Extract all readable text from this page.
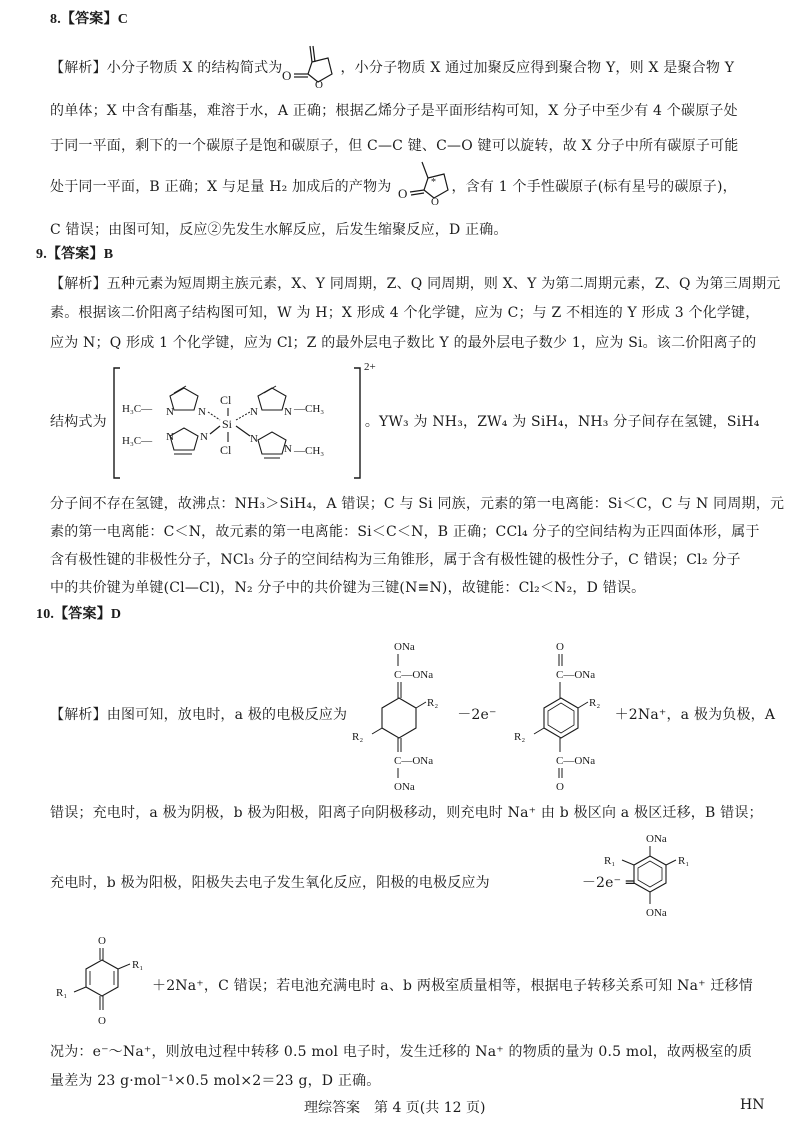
8.【答案】C
【解析】小分子物质 X 的结构简式为	，小分子物质 X 通过加聚反应得到聚合物 Y，则 X 是聚合物 Y
O
O
的单体；X 中含有酯基，难溶于水，A 正确；根据乙烯分子是平面形结构可知，X 分子中至少有 4 个碳原子处
于同一平面，剩下的一个碳原子是饱和碳原子，但 C—C 键、C—O 键可以旋转，故 X 分子中所有碳原子可能
处于同一平面，B 正确；X 与足量 H₂ 加成后的产物为	，含有 1 个手性碳原子(标有星号的碳原子)，
*
O
O
C 错误；由图可知，反应②先发生水解反应，后发生缩聚反应，D 正确。
9.【答案】B
【解析】五种元素为短周期主族元素，X、Y 同周期，Z、Q 同周期，则 X、Y 为第二周期元素，Z、Q 为第三周期元
素。根据该二价阳离子结构图可知，W 为 H；X 形成 4 个化学键，应为 C；与 Z 不相连的 Y 形成 3 个化学键，
应为 N；Q 形成 1 个化学键，应为 Cl；Z 的最外层电子数比 Y 的最外层电子数少 1，应为 Si。该二价阳离子的
结构式为	。YW₃ 为 NH₃，ZW₄ 为 SiH₄，NH₃ 分子间存在氢键，SiH₄
2+
Si
Cl
Cl
N N
H₃C—	N N —CH₃
N N
H₃C—	N
N —CH₃
分子间不存在氢键，故沸点：NH₃＞SiH₄，A 错误；C 与 Si 同族，元素的第一电离能：Si＜C，C 与 N 同周期，元
素的第一电离能：C＜N，故元素的第一电离能：Si＜C＜N，B 正确；CCl₄ 分子的空间结构为正四面体形，属于
含有极性键的非极性分子，NCl₃ 分子的空间结构为三角锥形，属于含有极性键的极性分子，C 错误；Cl₂ 分子
中的共价键为单键(Cl—Cl)，N₂ 分子中的共价键为三键(N≡N)，故键能：Cl₂＜N₂，D 错误。
10.【答案】D
【解析】由图可知，放电时，a 极的电极反应为	－2e⁻	＋2Na⁺，a 极为负极，A
ONa
C—ONa
R₂
R₂
C—ONa
ONa
O
C—ONa
R₂
R₂
C—ONa
O
错误；充电时，a 极为阴极，b 极为阳极，阳离子向阴极移动，则充电时 Na⁺ 由 b 极区向 a 极区迁移，B 错误；
充电时，b 极为阳极，阳极失去电子发生氧化反应，阳极的电极反应为	－2e⁻ ═
ONa
R₁
R₁
ONa
O
R₁
R₁
O
＋2Na⁺，C 错误；若电池充满电时 a、b 两极室质量相等，根据电子转移关系可知 Na⁺ 迁移情
况为：e⁻～Na⁺，则放电过程中转移 0.5 mol 电子时，发生迁移的 Na⁺ 的物质的量为 0.5 mol，故两极室的质
量差为 23 g·mol⁻¹×0.5 mol×2＝23 g，D 正确。
理综答案　第 4 页(共 12 页)	HN
